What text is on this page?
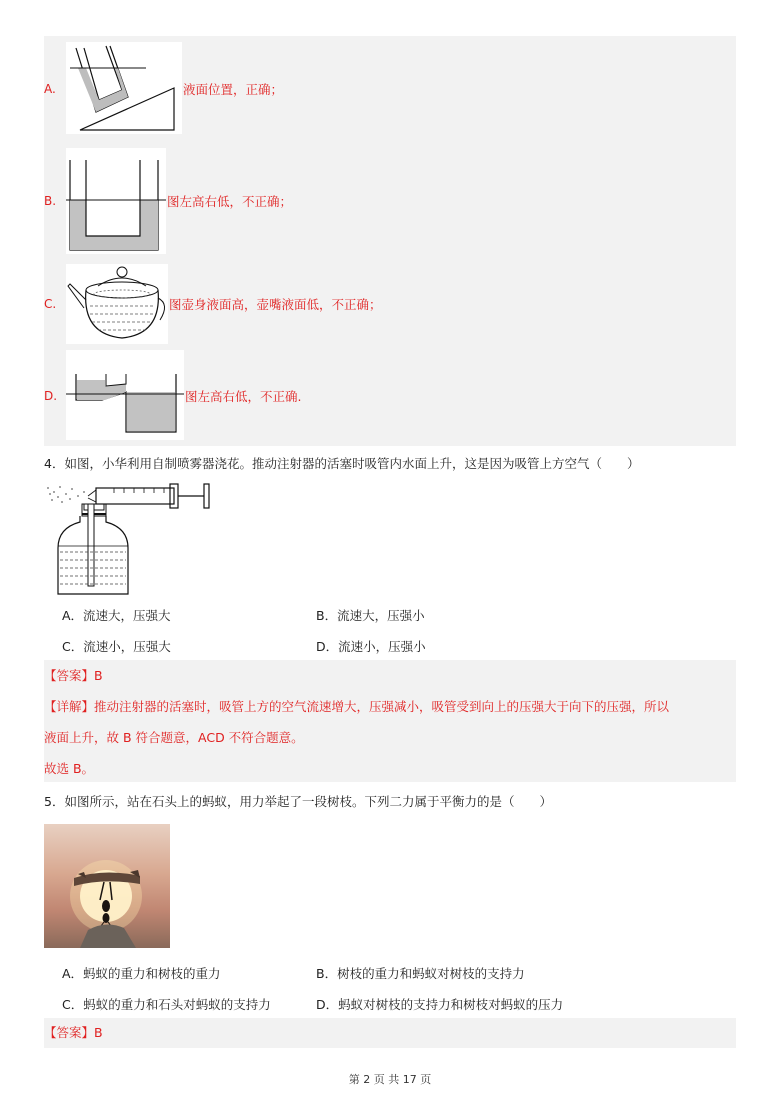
A.	液面位置，正确；
B.	图左高右低，不正确；
C.	图壶身液面高，壶嘴液面低，不正确；
D.	图左高右低，不正确.
4．如图，小华利用自制喷雾器浇花。推动注射器的活塞时吸管内水面上升，这是因为吸管上方空气（　　）
A．流速大，压强大	B．流速大，压强小
C．流速小，压强大	D．流速小，压强小
【答案】B
【详解】推动注射器的活塞时，吸管上方的空气流速增大，压强减小，吸管受到向上的压强大于向下的压强，所以
液面上升，故 B 符合题意，ACD 不符合题意。
故选 B。
5．如图所示，站在石头上的蚂蚁，用力举起了一段树枝。下列二力属于平衡力的是（　　）
A．蚂蚁的重力和树枝的重力	B．树枝的重力和蚂蚁对树枝的支持力
C．蚂蚁的重力和石头对蚂蚁的支持力	D．蚂蚁对树枝的支持力和树枝对蚂蚁的压力
【答案】B
第 2 页 共 17 页
